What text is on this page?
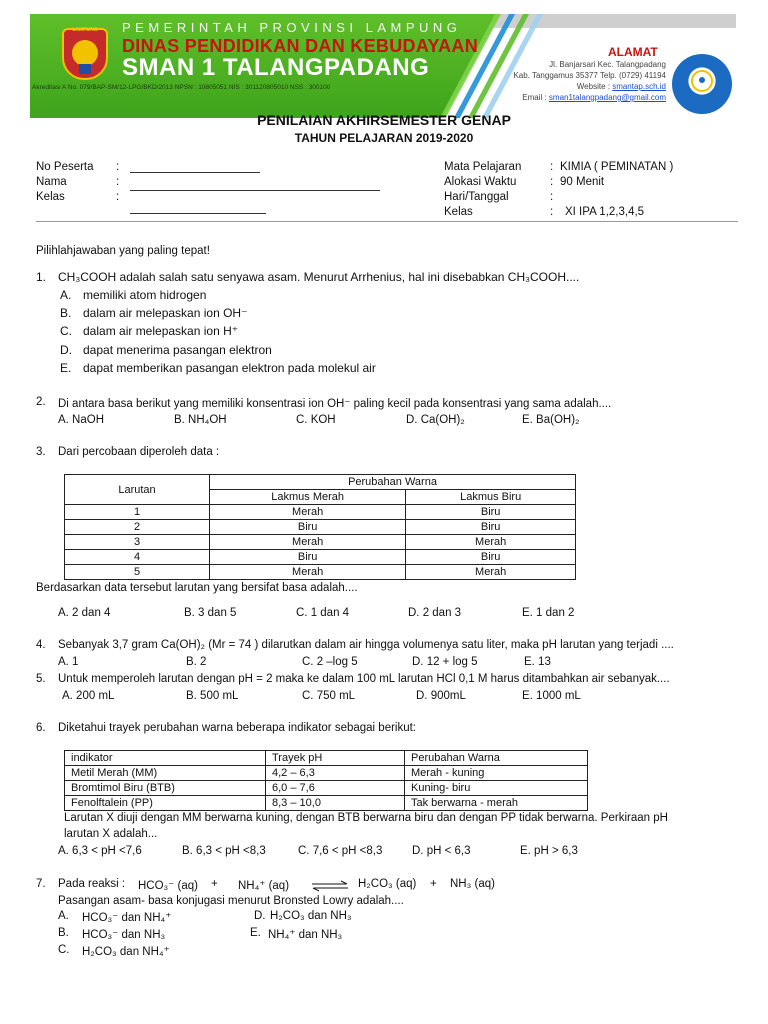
LAMPUNG	PEMERINTAH PROVINSI LAMPUNG
DINAS PENDIDIKAN DAN KEBUDAYAAN
SMAN 1 TALANGPADANG
Akreditasi A No. 079/BAP-SM/12-LPG/BKD/2013 NPSN : 10805051 NIS : 301120805010 NSS : 300100
ALAMAT
Jl. Banjarsari Kec. Talangpadang
Kab. Tanggamus 35377 Telp. (0729) 41194
Website : smantap.sch.id
Email : sman1talangpadang@gmail.com
PENILAIAN AKHIRSEMESTER GENAP
TAHUN PELAJARAN 2019-2020
No Peserta :
Nama	:
Kelas	:
Mata Pelajaran : KIMIA ( PEMINATAN )
Alokasi Waktu	: 90 Menit
Hari/Tanggal	:
Kelas	: XI IPA 1,2,3,4,5
Pilihlahjawaban yang paling tepat!
1. CH₃COOH adalah salah satu senyawa asam. Menurut Arrhenius, hal ini disebabkan CH₃COOH....
A. memiliki atom hidrogen
B. dalam air melepaskan ion OH⁻
C. dalam air melepaskan ion H⁺
D. dapat menerima pasangan elektron
E. dapat memberikan pasangan elektron pada molekul air
2. Di antara basa berikut yang memiliki konsentrasi ion OH⁻ paling kecil pada konsentrasi yang sama adalah....
A. NaOH	B. NH₄OH	C. KOH	D. Ca(OH)₂	E. Ba(OH)₂
3. Dari percobaan diperoleh data :
Larutan	Perubahan Warna	
	Lakmus Merah	Lakmus Biru
1	Merah	Biru
2	Biru	Biru
3	Merah	Merah
4	Biru	Biru
5	Merah	Merah
Berdasarkan data tersebut larutan yang bersifat basa adalah....
A. 2 dan 4	B. 3 dan 5	C. 1 dan 4	D. 2 dan 3	E. 1 dan 2
4. Sebanyak 3,7 gram Ca(OH)₂ (Mr = 74 ) dilarutkan dalam air hingga volumenya satu liter, maka pH larutan yang terjadi ....
A. 1	B. 2	C. 2 –log 5	D. 12 + log 5	E. 13
5. Untuk memperoleh larutan dengan pH = 2 maka ke dalam 100 mL larutan HCl 0,1 M harus ditambahkan air sebanyak....
A. 200 mL	B. 500 mL	C. 750 mL	D. 900mL	E. 1000 mL
6. Diketahui trayek perubahan warna beberapa indikator sebagai berikut:
indikator	Trayek pH	Perubahan Warna
Metil Merah (MM)	4,2 – 6,3	Merah - kuning
Bromtimol Biru (BTB)	6,0 – 7,6	Kuning- biru
Fenolftalein (PP)	8,3 – 10,0	Tak berwarna - merah
Larutan X diuji dengan MM berwarna kuning, dengan BTB berwarna biru dan dengan PP tidak berwarna. Perkiraan pH
larutan X adalah...
A. 6,3 < pH <7,6	B. 6,3 < pH <8,3	C. 7,6 < pH <8,3	D. pH < 6,3	E. pH > 6,3
7. Pada reaksi : HCO₃⁻ (aq) + NH₄⁺ (aq) ⇌ H₂CO₃ (aq) + NH₃ (aq)
Pasangan asam- basa konjugasi menurut Bronsted Lowry adalah....
A. HCO₃⁻ dan NH₄⁺
B. HCO₃⁻ dan NH₃
C. H₂CO₃ dan NH₄⁺
D. H₂CO₃ dan NH₃
E. NH₄⁺ dan NH₃
